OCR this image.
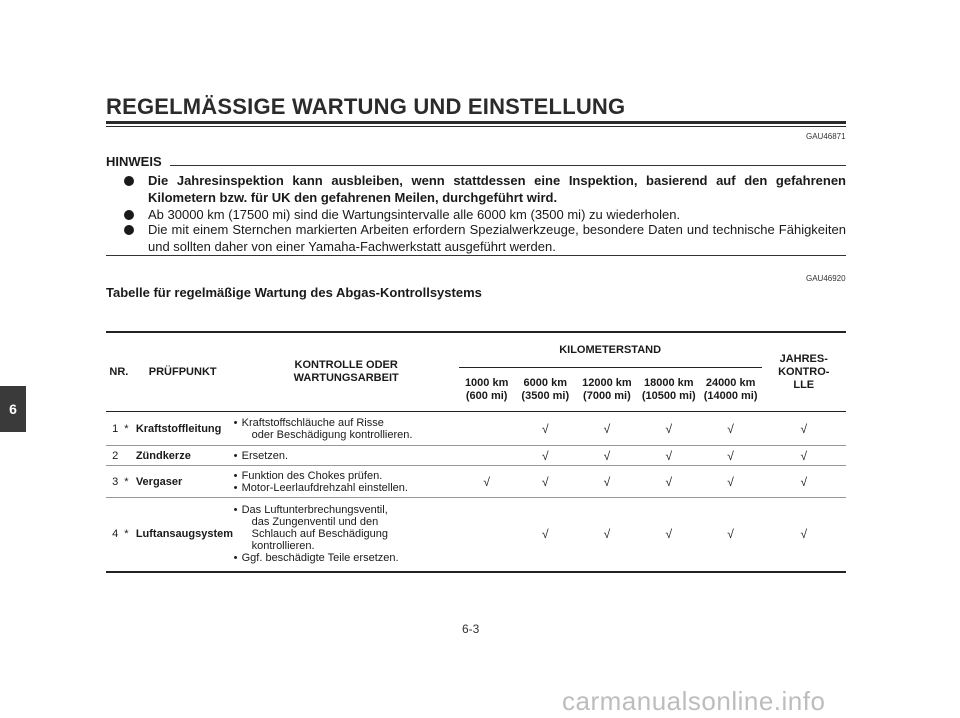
REGELMÄSSIGE WARTUNG UND EINSTELLUNG
GAU46871
HINWEIS
Die Jahresinspektion kann ausbleiben, wenn stattdessen eine Inspektion, basierend auf den gefahrenen Kilometern bzw. für UK den gefahrenen Meilen, durchgeführt wird.
Ab 30000 km (17500 mi) sind die Wartungsintervalle alle 6000 km (3500 mi) zu wiederholen.
Die mit einem Sternchen markierten Arbeiten erfordern Spezialwerkzeuge, besondere Daten und technische Fähigkeiten und sollten daher von einer Yamaha-Fachwerkstatt ausgeführt werden.
GAU46920
Tabelle für regelmäßige Wartung des Abgas-Kontrollsystems
6
NR.		PRÜFPUNKT	KONTROLLE ODER WARTUNGSARBEIT	KILOMETERSTAND					JAHRES-KONTRO-LLE
				1000 km (600 mi)	6000 km (3500 mi)	12000 km (7000 mi)	18000 km (10500 mi)	24000 km (14000 mi)	
1	*	Kraftstoffleitung	• Kraftstoffschläuche auf Risse
oder Beschädigung kontrollieren.		√	√	√	√	√
2		Zündkerze	• Ersetzen.		√	√	√	√	√
3	*	Vergaser	• Funktion des Chokes prüfen.
• Motor-Leerlaufdrehzahl einstellen.	√	√	√	√	√	√
4	*	Luftansaugsystem	• Das Luftunterbrechungsventil,
das Zungenventil und den
Schlauch auf Beschädigung
kontrollieren.
• Ggf. beschädigte Teile ersetzen.		√	√	√	√	√
6-3
carmanualsonline.info
